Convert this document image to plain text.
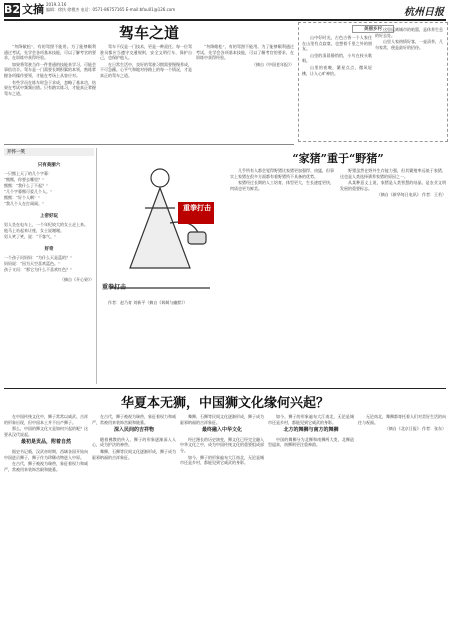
B2 文摘 2019.3.16
编辑：徐扶 徐穆杰 电话：0571-86757165 E-mail:bfau01@126.com	杭州日报
驾车之道

“勿降敞松”，有的驾照不能用。为了能够顺利通过考试，先学会各项基本技能，可以了解考官的要求，在训练中获得经验。

如果将驾驶当作一件普通的技能来学习，可能会事倍功半。驾车是一门需要长期积累的本领，熟练掌握各项操作要领，才能在考场上从容应对。

有些学员在练车时急于求成，忽略了基本功，结果在考试中频频出错。只有踏实练习，才能真正掌握驾车之道。

驾车不仅是一门技术，更是一种责任。每一位驾驶员都应当遵守交通规则，安全文明行车，保护自己，也保护他人。

在日常生活中，良好的驾驶习惯需要慢慢养成，不可急躁。心平气和地对待路上的每一个情况，才是真正的驾车之道。

“勿降敞松”，有的驾照不能用。为了能够顺利通过考试，先学会各项基本技能，可以了解考官的要求，在训练中获得经验。

（摘自《中国老年报》）

美丽乡村

山中好时光，古色古香一个人家住在山里有点寂寞，也想着千里之外的朋友。

山里的清晨静悄悄，小鸟在枝头歌唱。

山里的夜晚，繁星点点，微风轻拂，让人心旷神怡。

这里远离城市的喧嚣，是休养生息的好去处。

山里人家热情好客，一壶清茶，几句家常，便是最好的招待。

开怀一笑
只有美丽六
一只熊上天了的几个字幕：
“熊熊，你要去哪里？”
熊熊：“我什么了不起？”
“几个字幕熊可爱几个人。”
熊熊：“好个人啊！”
“我几个人在打闹闹。”
上帝好玩
男人坐在电车上，一个年纪较大的女士走上来。
他马上站起来让座，女士说谢谢。
男人笑了笑，说：“不客气。”
好奇
一个孩子问妈妈：“为什么天是蓝的？”
妈妈说：“因为天空喜欢蓝色。”
孩子又问：“那它为什么不喜欢红色？”
（摘自《开心果》）
重拳打击
重拳打击

作者：赵乃育 刘新平（摘自《讽刺与幽默》）

“家猪”重于“野猪”

几乎所有人都会觉得野猪比家猪更加强悍、凶猛，但事实上家猪在很多方面都有着野猪所不具备的优势。

家猪经过长期的人工培育，体型更大，生长速度更快，肉质也更为鲜美。

野猪虽然在野外生存能力强，但其繁殖率远低于家猪，这也是人类选择驯养家猪的原因之一。

从某种意义上说，家猪是人类智慧的结晶，是农业文明发展的重要标志。

（摘自《新华每日电讯》 作者：王若）

华夏本无狮，中国狮文化缘何兴起？

在中国传统文化中，狮子常常以威武、吉祥的形象出现，但中国本土并不出产狮子。

那么，中国的狮文化又是如何兴起的呢？这要从汉代说起。

最初是贡品，附着自然

据史书记载，汉武帝时期，西域各国开始向中国进贡狮子，狮子作为珍稀动物进入中原。

在古代，狮子被视为瑞兽，象征着权力和威严，常被用来装饰宫殿和陵墓。

在古代，狮子被视为瑞兽，象征着权力和威严，常被用来装饰宫殿和陵墓。

深入民间的吉祥物

随着佛教的传入，狮子的形象逐渐深入人心，成为护法的神兽。

舞狮、石狮等民间文化逐渐形成，狮子成为驱邪纳福的吉祥象征。

舞狮、石狮等民间文化逐渐形成，狮子成为驱邪纳福的吉祥象征。

最终融入中华文化

经过漫长的历史演变，狮文化已经完全融入中华文化之中，成为中国传统文化的重要组成部分。

如今，狮子的形象遍布大江南北，无论是城市还是乡村，都能见到它威武的身影。

如今，狮子的形象遍布大江南北，无论是城市还是乡村，都能见到它威武的身影。

北方的舞狮与南方的舞狮

中国的舞狮分为北狮和南狮两大类，北狮造型逼真，南狮则更注重神韵。

无论南北，舞狮都寄托着人们对美好生活的向往与祝福。

（摘自《北京日报》 作者：张东）
